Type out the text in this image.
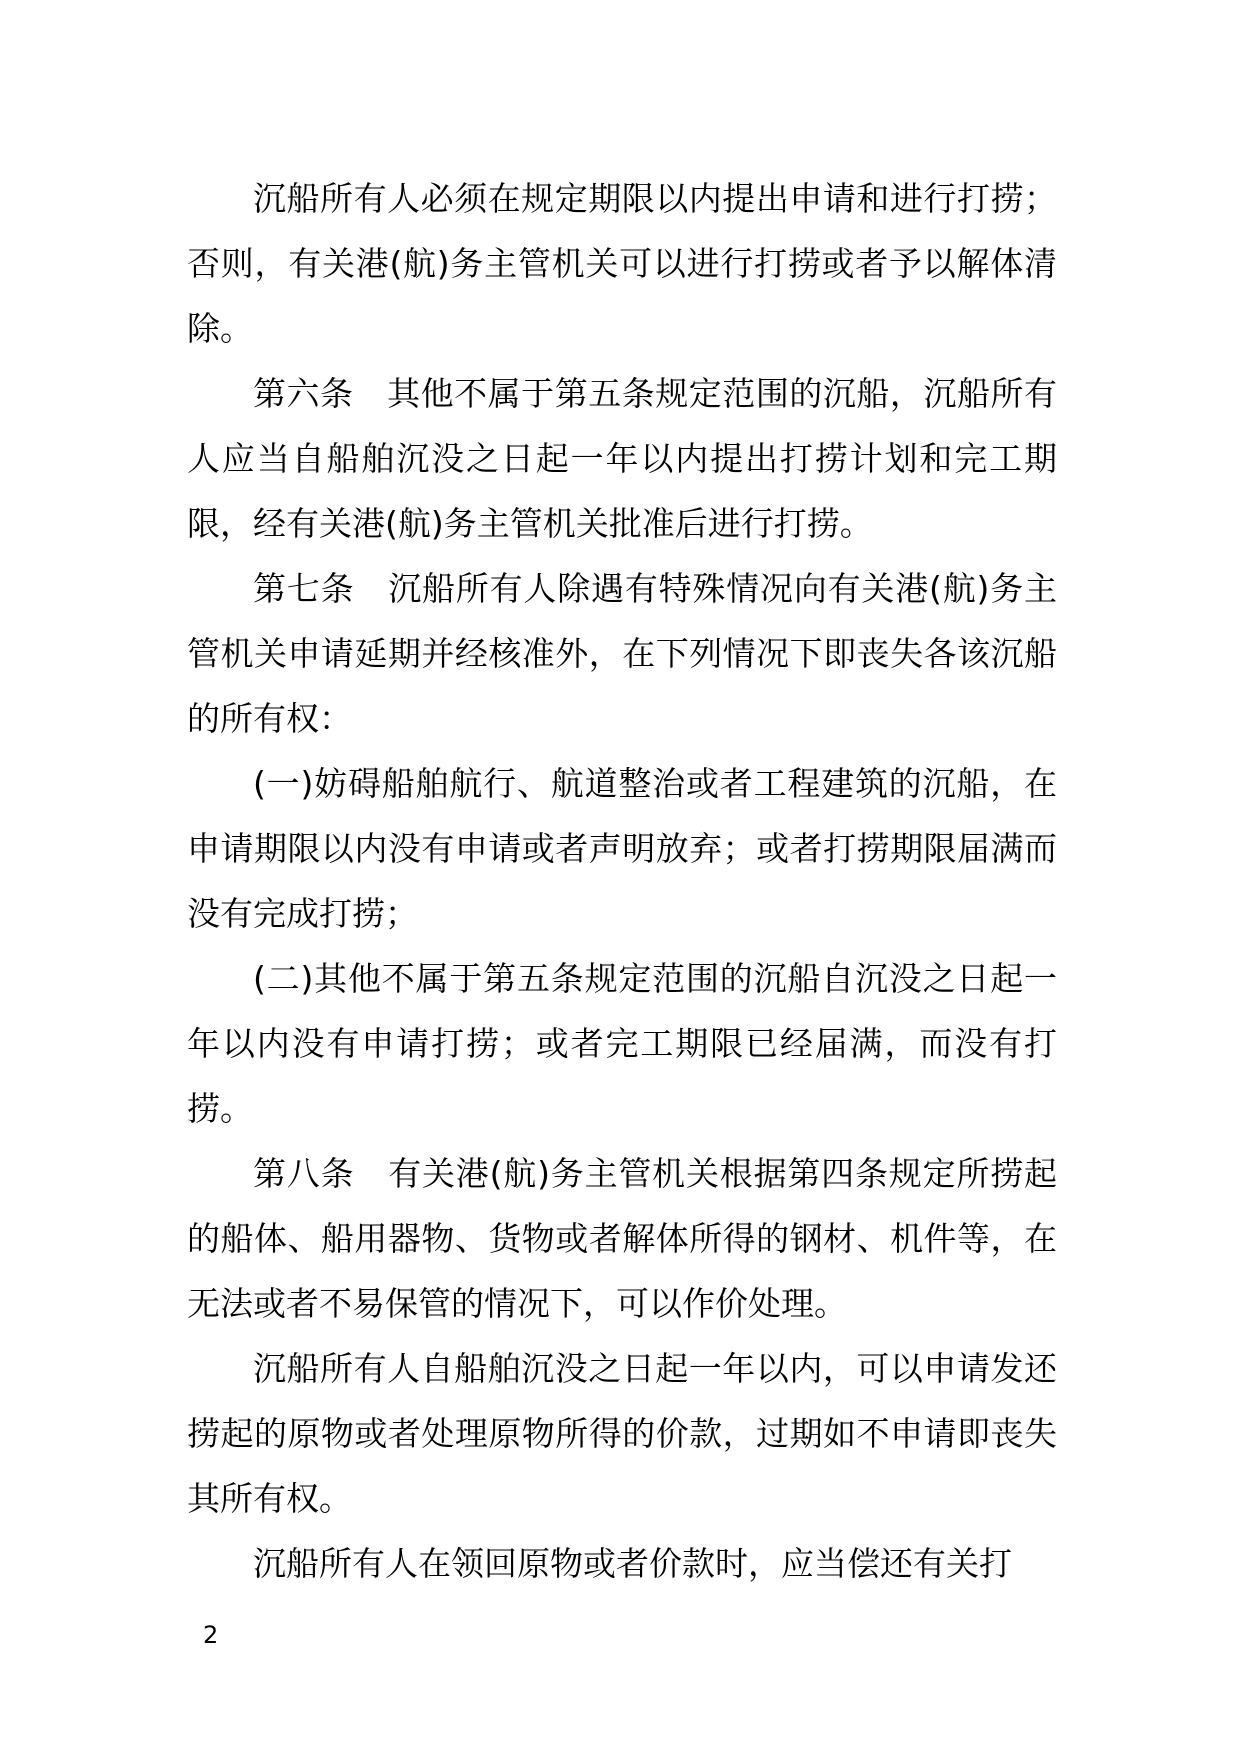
沉船所有人必须在规定期限以内提出申请和进行打捞；否则，有关港(航)务主管机关可以进行打捞或者予以解体清除。

第六条　其他不属于第五条规定范围的沉船，沉船所有人应当自船舶沉没之日起一年以内提出打捞计划和完工期限，经有关港(航)务主管机关批准后进行打捞。

第七条　沉船所有人除遇有特殊情况向有关港(航)务主管机关申请延期并经核准外，在下列情况下即丧失各该沉船的所有权：

(一)妨碍船舶航行、航道整治或者工程建筑的沉船，在申请期限以内没有申请或者声明放弃；或者打捞期限届满而没有完成打捞；

(二)其他不属于第五条规定范围的沉船自沉没之日起一年以内没有申请打捞；或者完工期限已经届满，而没有打捞。

第八条　有关港(航)务主管机关根据第四条规定所捞起的船体、船用器物、货物或者解体所得的钢材、机件等，在无法或者不易保管的情况下，可以作价处理。

沉船所有人自船舶沉没之日起一年以内，可以申请发还捞起的原物或者处理原物所得的价款，过期如不申请即丧失其所有权。

沉船所有人在领回原物或者价款时，应当偿还有关打

2
